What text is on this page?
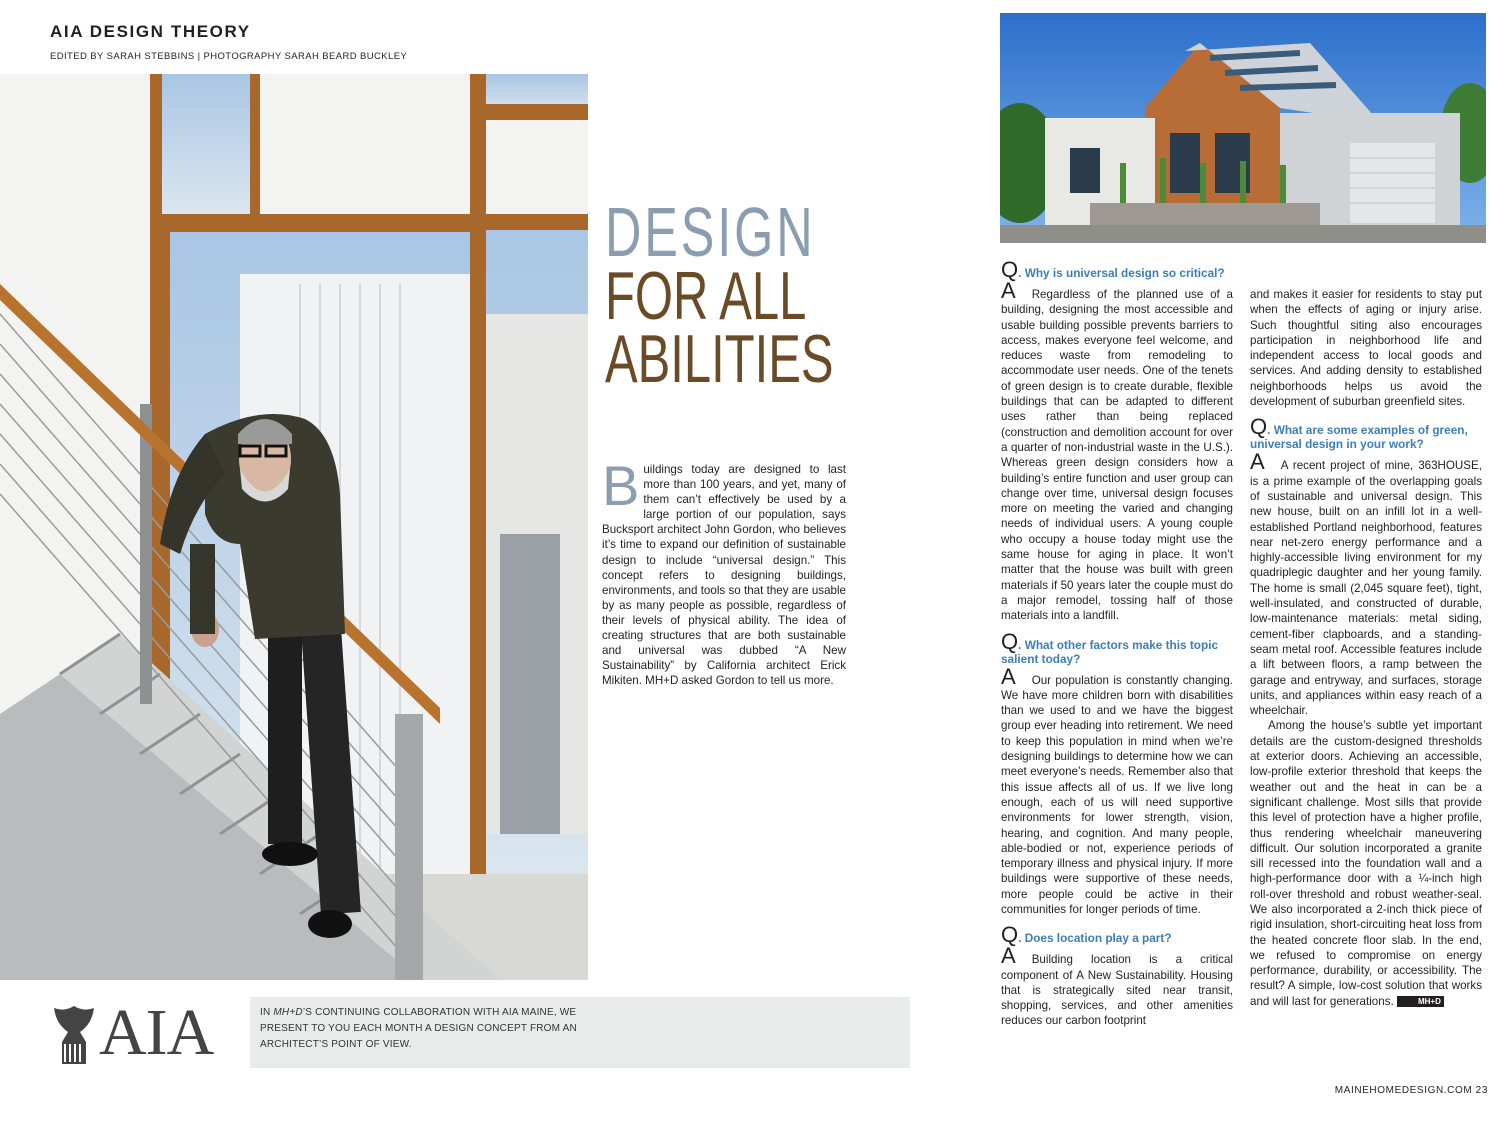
AIA DESIGN THEORY
EDITED BY SARAH STEBBINS | PHOTOGRAPHY SARAH BEARD BUCKLEY
DESIGN
FOR ALL
ABILITIES

Buildings today are designed to last more than 100 years, and yet, many of them can’t effectively be used by a large portion of our population, says Bucksport architect John Gordon, who believes it’s time to expand our definition of sustainable design to include “universal design.” This concept refers to designing buildings, environments, and tools so that they are usable by as many people as possible, regardless of their levels of physical ability. The idea of creating structures that are both sustainable and universal was dubbed “A New Sustainability” by California architect Erick Mikiten. MH+D asked Gordon to tell us more.

Q. Why is universal design so critical?

A Regardless of the planned use of a building, designing the most accessible and usable building possible prevents barriers to access, makes everyone feel welcome, and reduces waste from remodeling to accommodate user needs. One of the tenets of green design is to create durable, flexible buildings that can be adapted to different uses rather than being replaced (construction and demolition account for over a quarter of non-industrial waste in the U.S.). Whereas green design considers how a building’s entire function and user group can change over time, universal design focuses more on meeting the varied and changing needs of individual users. A young couple who occupy a house today might use the same house for aging in place. It won’t matter that the house was built with green materials if 50 years later the couple must do a major remodel, tossing half of those materials into a landfill.

Q. What other factors make this topic salient today?

A Our population is constantly changing. We have more children born with disabilities than we used to and we have the biggest group ever heading into retirement. We need to keep this population in mind when we’re designing buildings to determine how we can meet everyone’s needs. Remember also that this issue affects all of us. If we live long enough, each of us will need supportive environments for lower strength, vision, hearing, and cognition. And many people, able-bodied or not, experience periods of temporary illness and physical injury. If more buildings were supportive of these needs, more people could be active in their communities for longer periods of time.

Q. Does location play a part?

A Building location is a critical component of A New Sustainability. Housing that is strategically sited near transit, shopping, services, and other amenities reduces our carbon footprint

and makes it easier for residents to stay put when the effects of aging or injury arise. Such thoughtful siting also encourages participation in neighborhood life and independent access to local goods and services. And adding density to established neighborhoods helps us avoid the development of suburban greenfield sites.

Q. What are some examples of green, universal design in your work?

A A recent project of mine, 363HOUSE, is a prime example of the overlapping goals of sustainable and universal design. This new house, built on an infill lot in a well-established Portland neighborhood, features near net-zero energy performance and a highly-accessible living environment for my quadriplegic daughter and her young family. The home is small (2,045 square feet), tight, well-insulated, and constructed of durable, low-maintenance materials: metal siding, cement-fiber clapboards, and a standing-seam metal roof. Accessible features include a lift between floors, a ramp between the garage and entryway, and surfaces, storage units, and appliances within easy reach of a wheelchair.

Among the house’s subtle yet important details are the custom-designed thresholds at exterior doors. Achieving an accessible, low-profile exterior threshold that keeps the weather out and the heat in can be a significant challenge. Most sills that provide this level of protection have a higher profile, thus rendering wheelchair maneuvering difficult. Our solution incorporated a granite sill recessed into the foundation wall and a high-performance door with a ¼-inch high roll-over threshold and robust weather-seal. We also incorporated a 2-inch thick piece of rigid insulation, short-circuiting heat loss from the heated concrete floor slab. In the end, we refused to compromise on energy performance, durability, or accessibility. The result? A simple, low-cost solution that works and will last for generations.	MH+D

AIA	IN MH+D’S CONTINUING COLLABORATION WITH AIA MAINE, WE PRESENT TO YOU EACH MONTH A DESIGN CONCEPT FROM AN ARCHITECT’S POINT OF VIEW.

MAINEHOMEDESIGN.COM 23
